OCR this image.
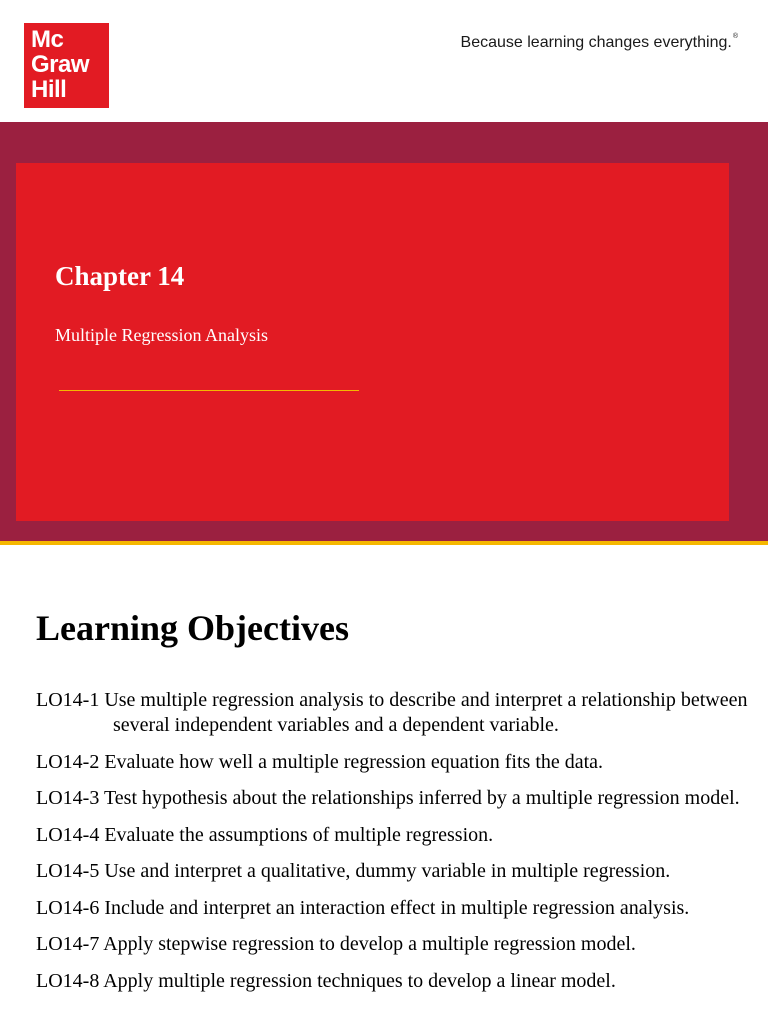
Mc
Graw
Hill
Because learning changes everything.®
Chapter 14
Multiple Regression Analysis
Learning Objectives
LO14-1 Use multiple regression analysis to describe and interpret a relationship between several independent variables and a dependent variable.
LO14-2 Evaluate how well a multiple regression equation fits the data.
LO14-3 Test hypothesis about the relationships inferred by a multiple regression model.
LO14-4 Evaluate the assumptions of multiple regression.
LO14-5 Use and interpret a qualitative, dummy variable in multiple regression.
LO14-6 Include and interpret an interaction effect in multiple regression analysis.
LO14-7 Apply stepwise regression to develop a multiple regression model.
LO14-8 Apply multiple regression techniques to develop a linear model.
